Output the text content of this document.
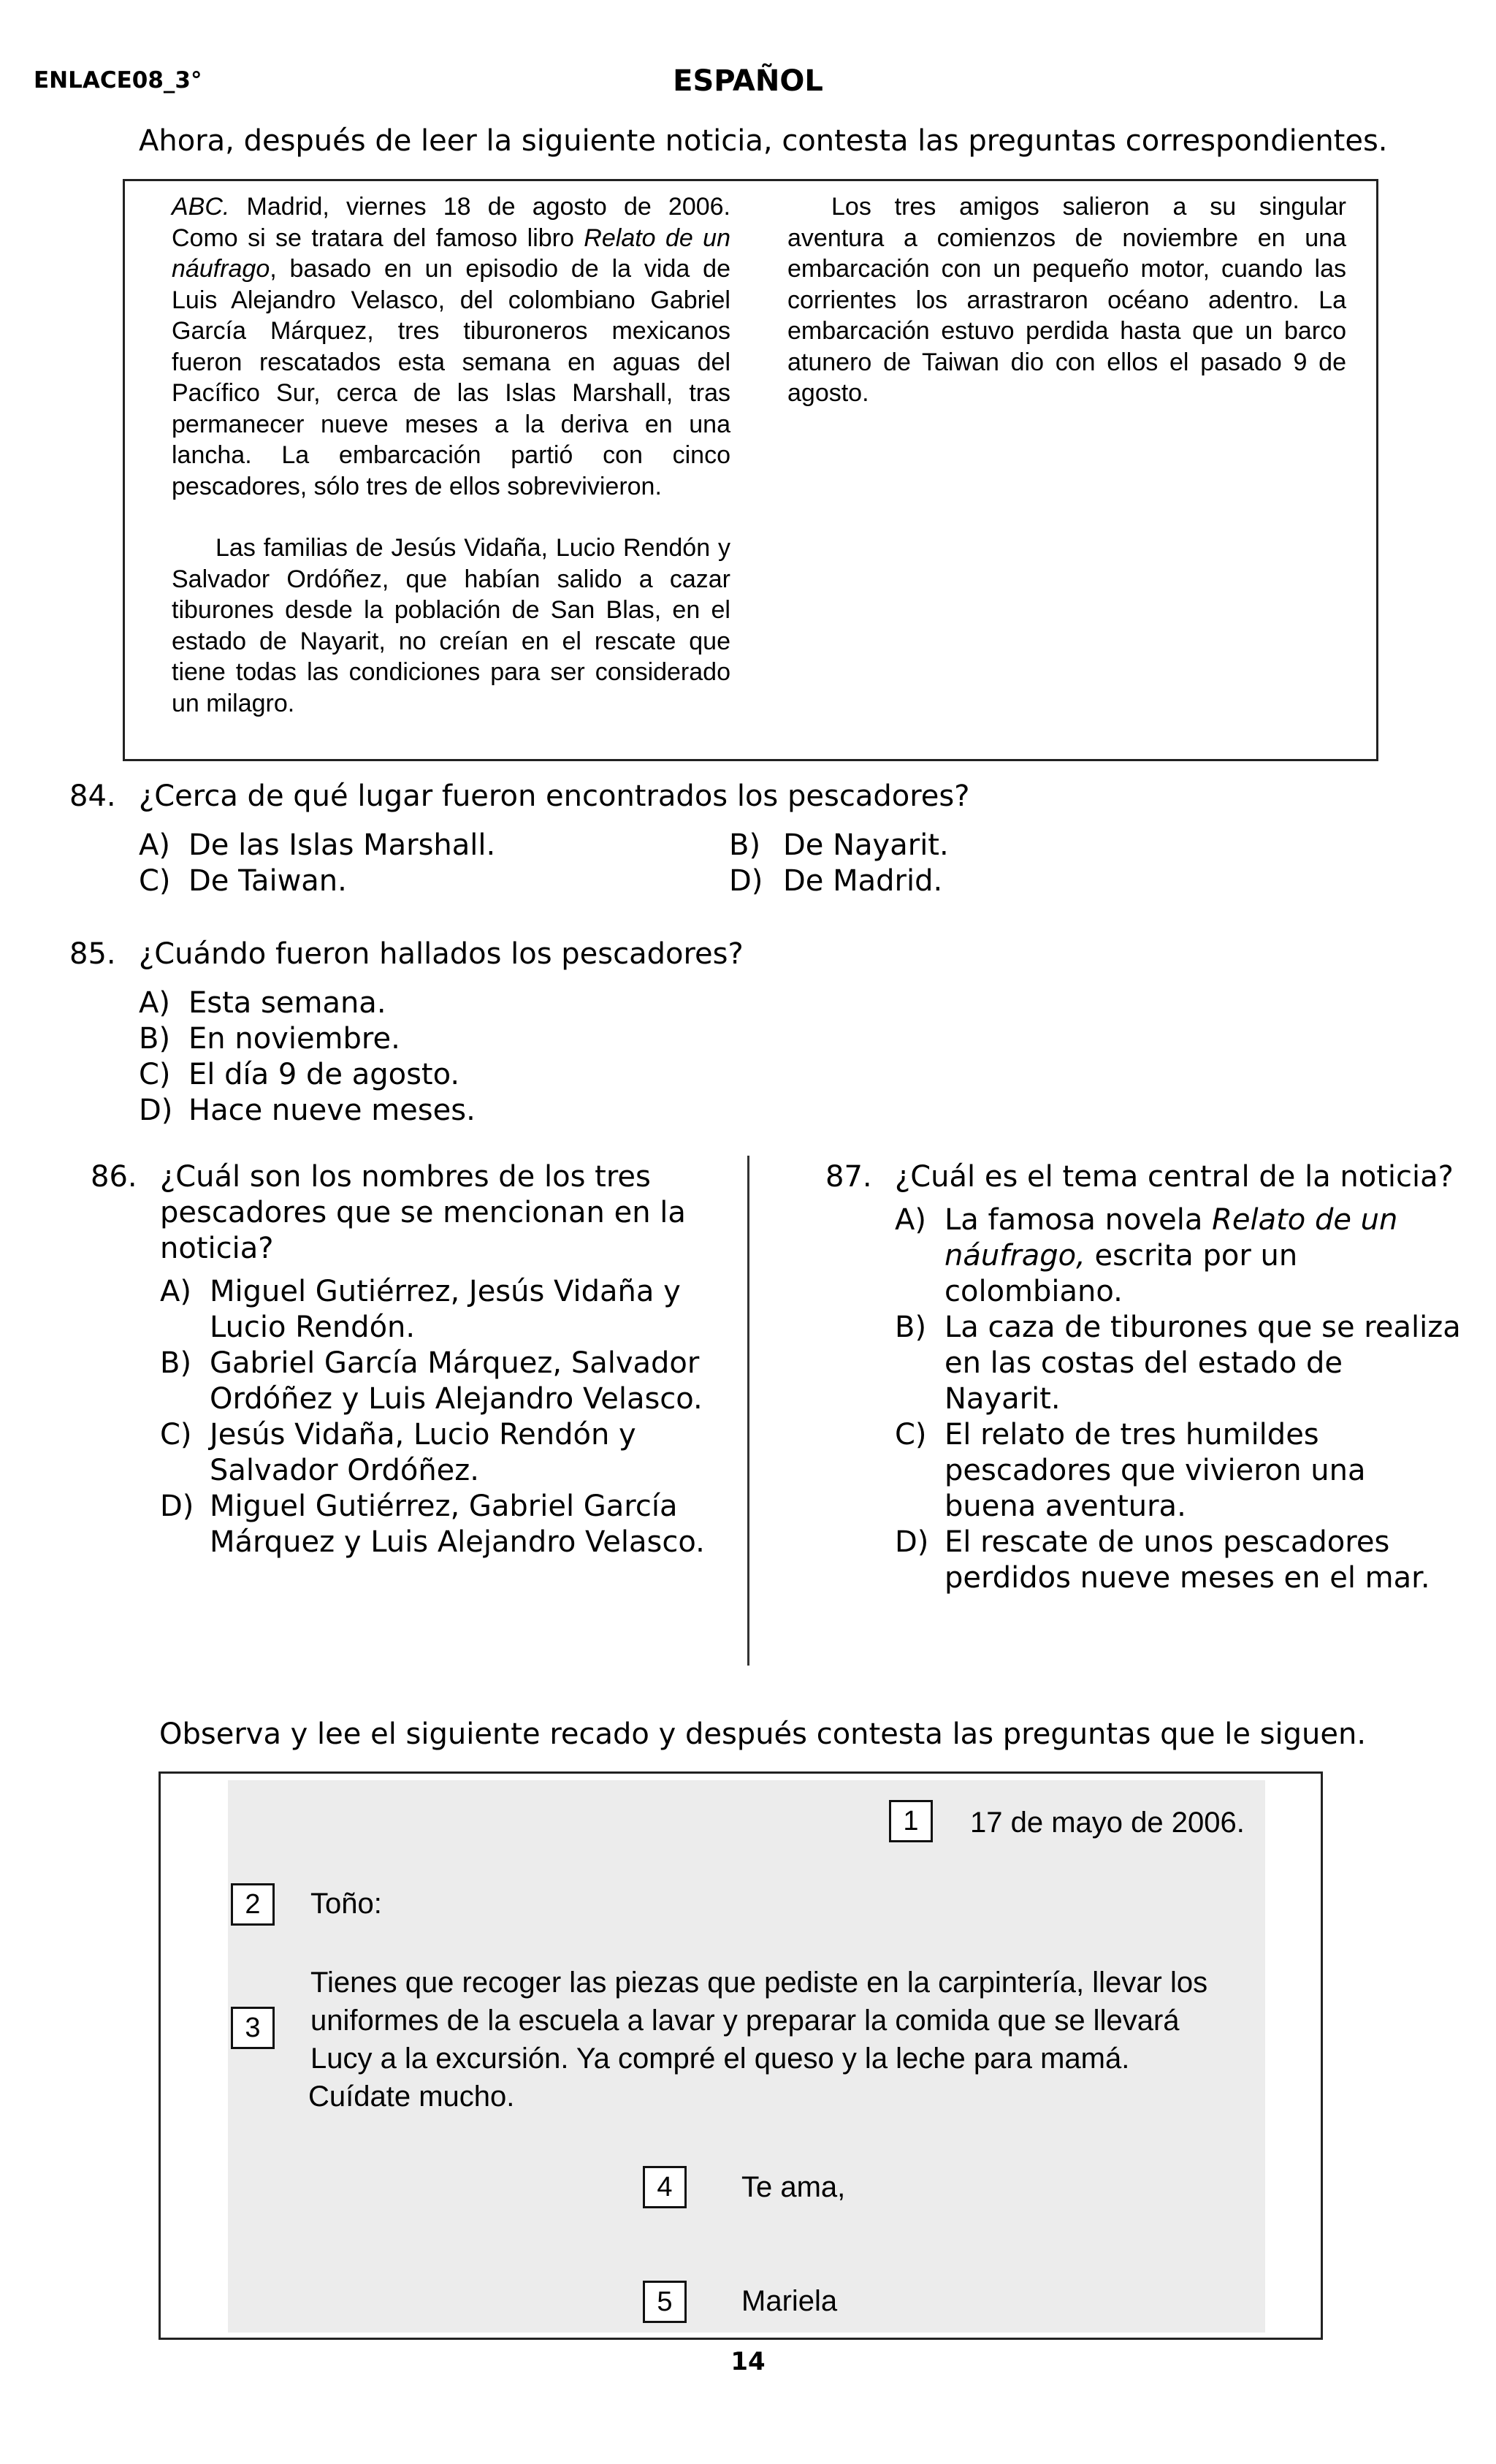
ENLACE08_3°	ESPAÑOL
Ahora, después de leer la siguiente noticia, contesta las preguntas correspondientes.

ABC. Madrid, viernes 18 de agosto de 2006. Como si se tratara del famoso libro Relato de un náufrago, basado en un episodio de la vida de Luis Alejandro Velasco, del colombiano Gabriel García Márquez, tres tiburoneros mexicanos fueron rescatados esta semana en aguas del Pacífico Sur, cerca de las Islas Marshall, tras permanecer nueve meses a la deriva en una lancha. La embarcación partió con cinco pescadores, sólo tres de ellos sobrevivieron.

Las familias de Jesús Vidaña, Lucio Rendón y Salvador Ordóñez, que habían salido a cazar tiburones desde la población de San Blas, en el estado de Nayarit, no creían en el rescate que tiene todas las condiciones para ser considerado un milagro.

Los tres amigos salieron a su singular aventura a comienzos de noviembre en una embarcación con un pequeño motor, cuando las corrientes los arrastraron océano adentro. La embarcación estuvo perdida hasta que un barco atunero de Taiwan dio con ellos el pasado 9 de agosto.
84. ¿Cerca de qué lugar fueron encontrados los pescadores?
A) De las Islas Marshall.	B) De Nayarit.
C) De Taiwan.	D) De Madrid.
85. ¿Cuándo fueron hallados los pescadores?
A) Esta semana.
B) En noviembre.
C) El día 9 de agosto.
D) Hace nueve meses.
86. ¿Cuál son los nombres de los tres pescadores que se mencionan en la noticia?
A) Miguel Gutiérrez, Jesús Vidaña y Lucio Rendón.
B) Gabriel García Márquez, Salvador Ordóñez y Luis Alejandro Velasco.
C) Jesús Vidaña, Lucio Rendón y Salvador Ordóñez.
D) Miguel Gutiérrez, Gabriel García Márquez y Luis Alejandro Velasco.
87. ¿Cuál es el tema central de la noticia?
A) La famosa novela Relato de un náufrago, escrita por un colombiano.
B) La caza de tiburones que se realiza en las costas del estado de Nayarit.
C) El relato de tres humildes pescadores que vivieron una buena aventura.
D) El rescate de unos pescadores perdidos nueve meses en el mar.
Observa y lee el siguiente recado y después contesta las preguntas que le siguen.
1	17 de mayo de 2006.
2	Toño:
3
Tienes que recoger las piezas que pediste en la carpintería, llevar los
uniformes de la escuela a lavar y preparar la comida que se llevará
Lucy a la excursión. Ya compré el queso y la leche para mamá.
Cuídate mucho.
4	Te ama,
5	Mariela
14
